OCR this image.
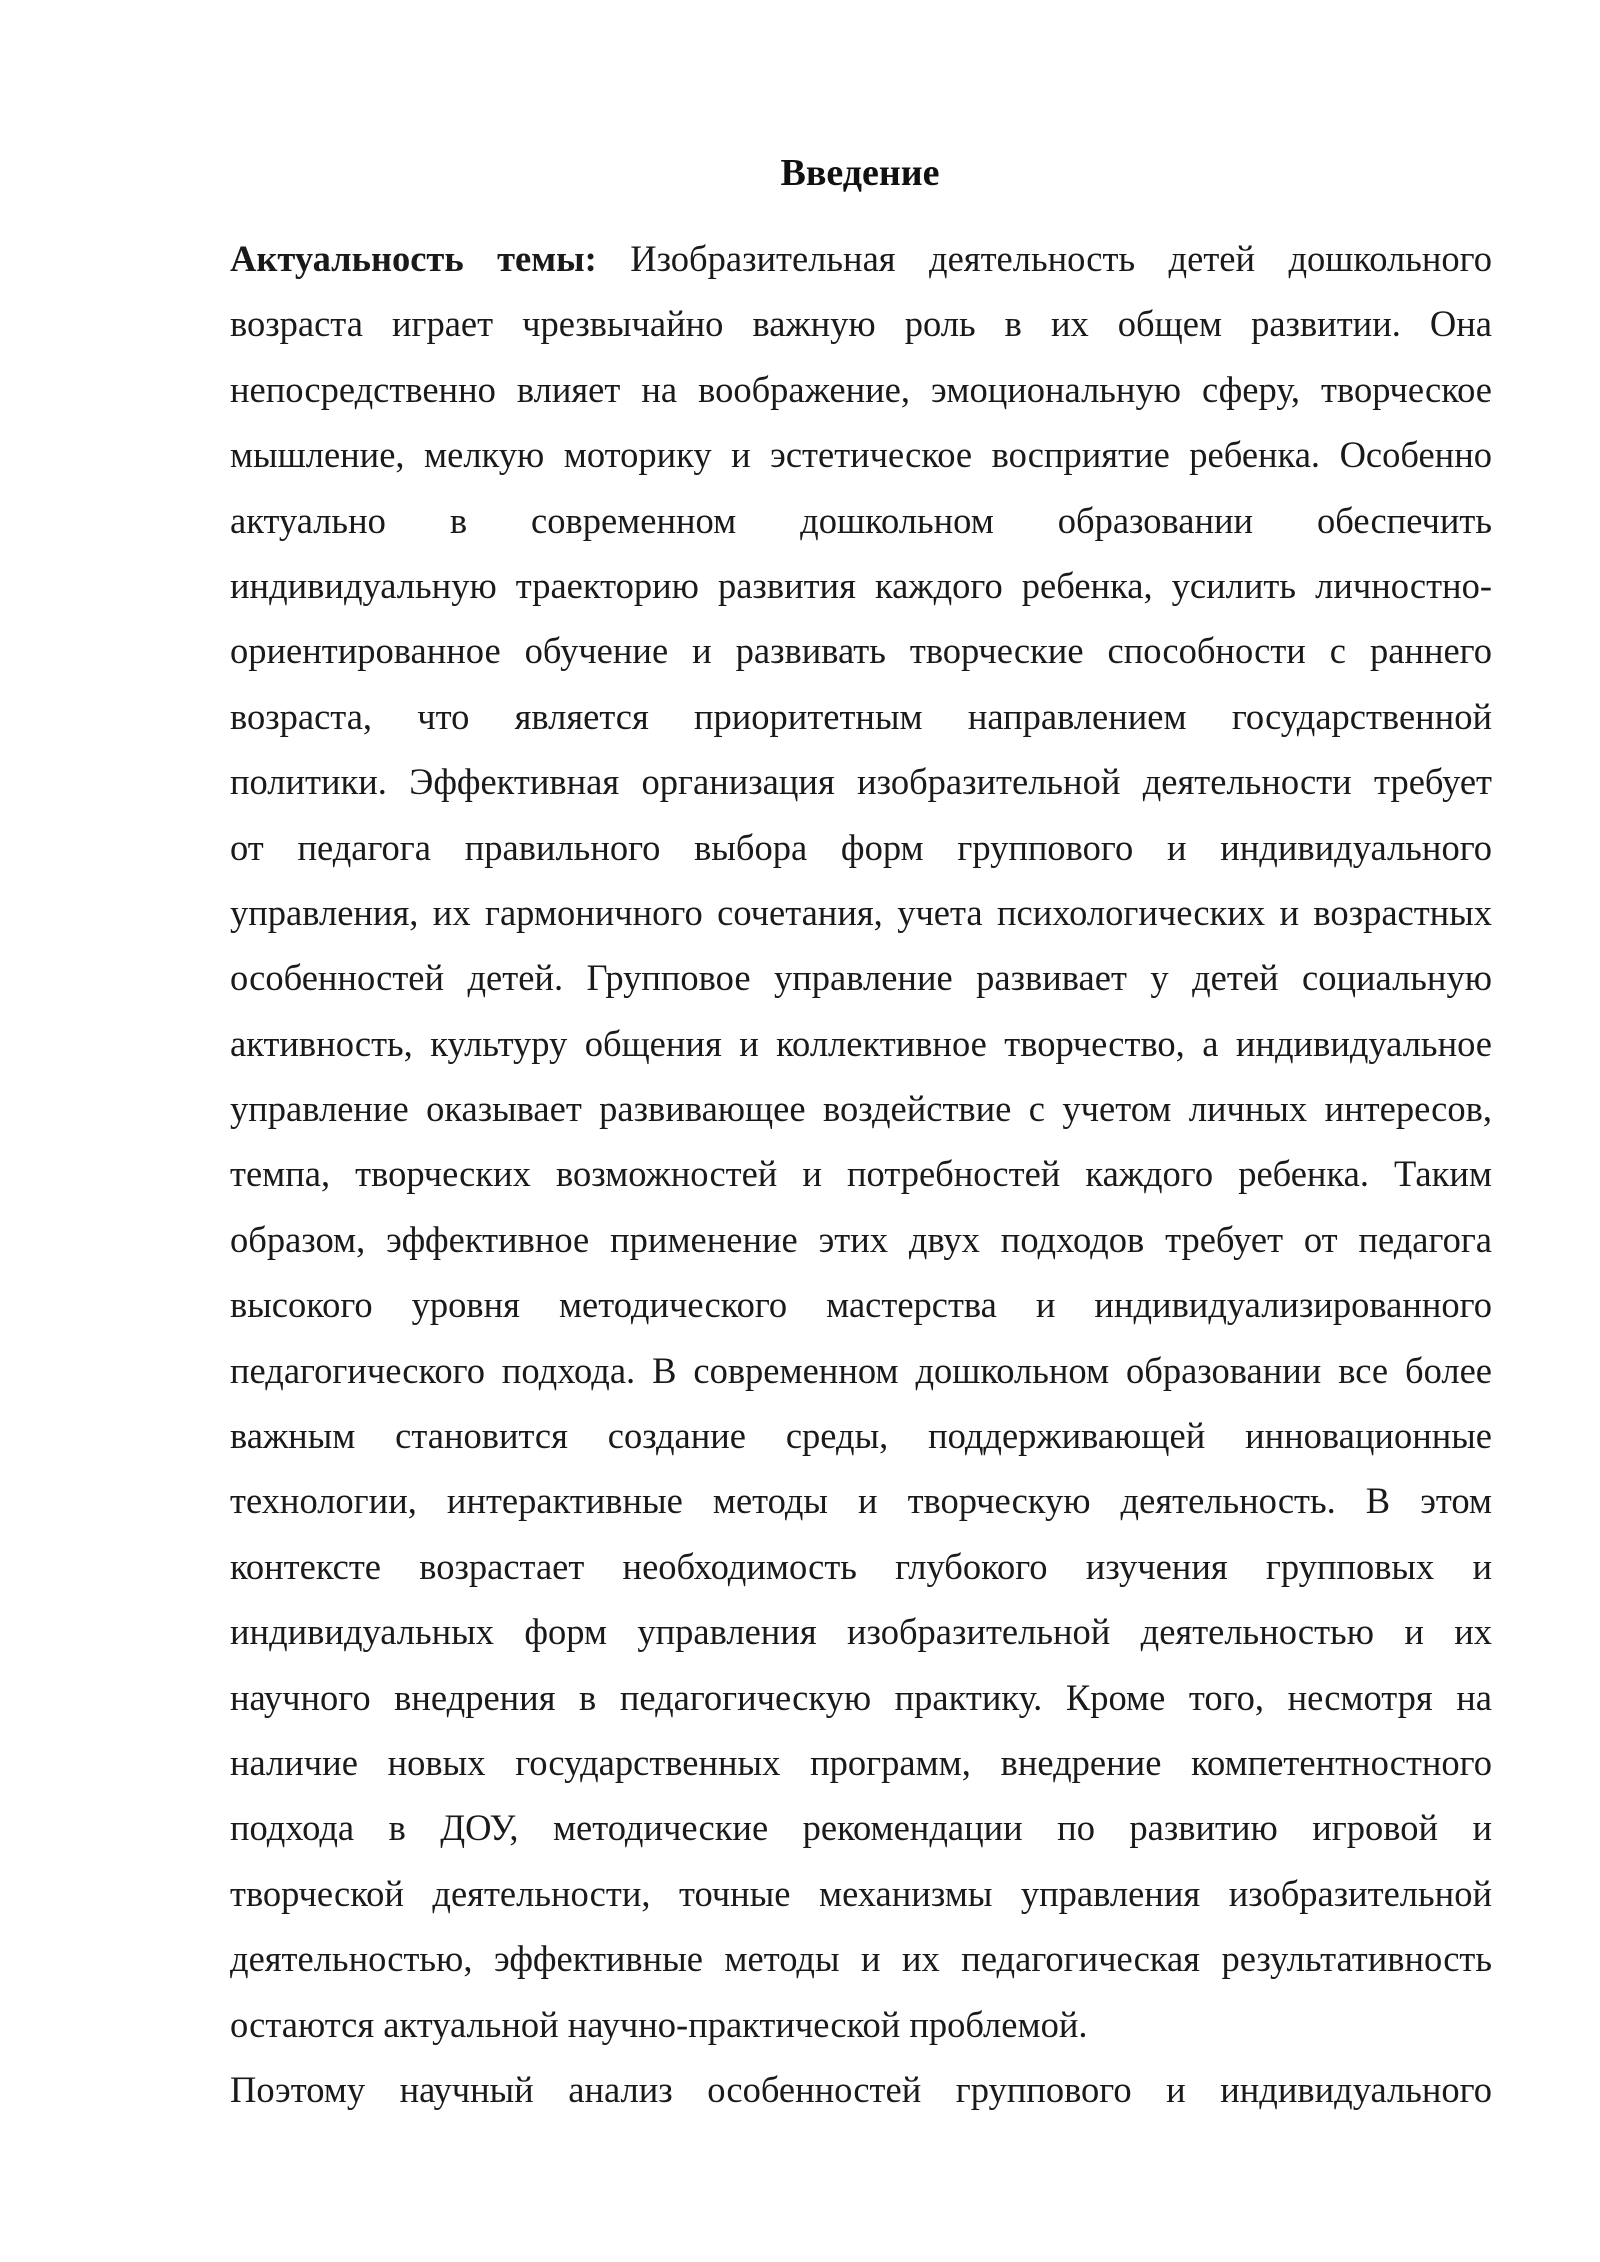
Введение
Актуальность темы: Изобразительная деятельность детей дошкольного
возраста играет чрезвычайно важную роль в их общем развитии. Она
непосредственно влияет на воображение, эмоциональную сферу, творческое
мышление, мелкую моторику и эстетическое восприятие ребенка. Особенно
актуально в современном дошкольном образовании обеспечить
индивидуальную траекторию развития каждого ребенка, усилить личностно-
ориентированное обучение и развивать творческие способности с раннего
возраста, что является приоритетным направлением государственной
политики. Эффективная организация изобразительной деятельности требует
от педагога правильного выбора форм группового и индивидуального
управления, их гармоничного сочетания, учета психологических и возрастных
особенностей детей. Групповое управление развивает у детей социальную
активность, культуру общения и коллективное творчество, а индивидуальное
управление оказывает развивающее воздействие с учетом личных интересов,
темпа, творческих возможностей и потребностей каждого ребенка. Таким
образом, эффективное применение этих двух подходов требует от педагога
высокого уровня методического мастерства и индивидуализированного
педагогического подхода. В современном дошкольном образовании все более
важным становится создание среды, поддерживающей инновационные
технологии, интерактивные методы и творческую деятельность. В этом
контексте возрастает необходимость глубокого изучения групповых и
индивидуальных форм управления изобразительной деятельностью и их
научного внедрения в педагогическую практику. Кроме того, несмотря на
наличие новых государственных программ, внедрение компетентностного
подхода в ДОУ, методические рекомендации по развитию игровой и
творческой деятельности, точные механизмы управления изобразительной
деятельностью, эффективные методы и их педагогическая результативность
остаются актуальной научно-практической проблемой.
Поэтому научный анализ особенностей группового и индивидуального
